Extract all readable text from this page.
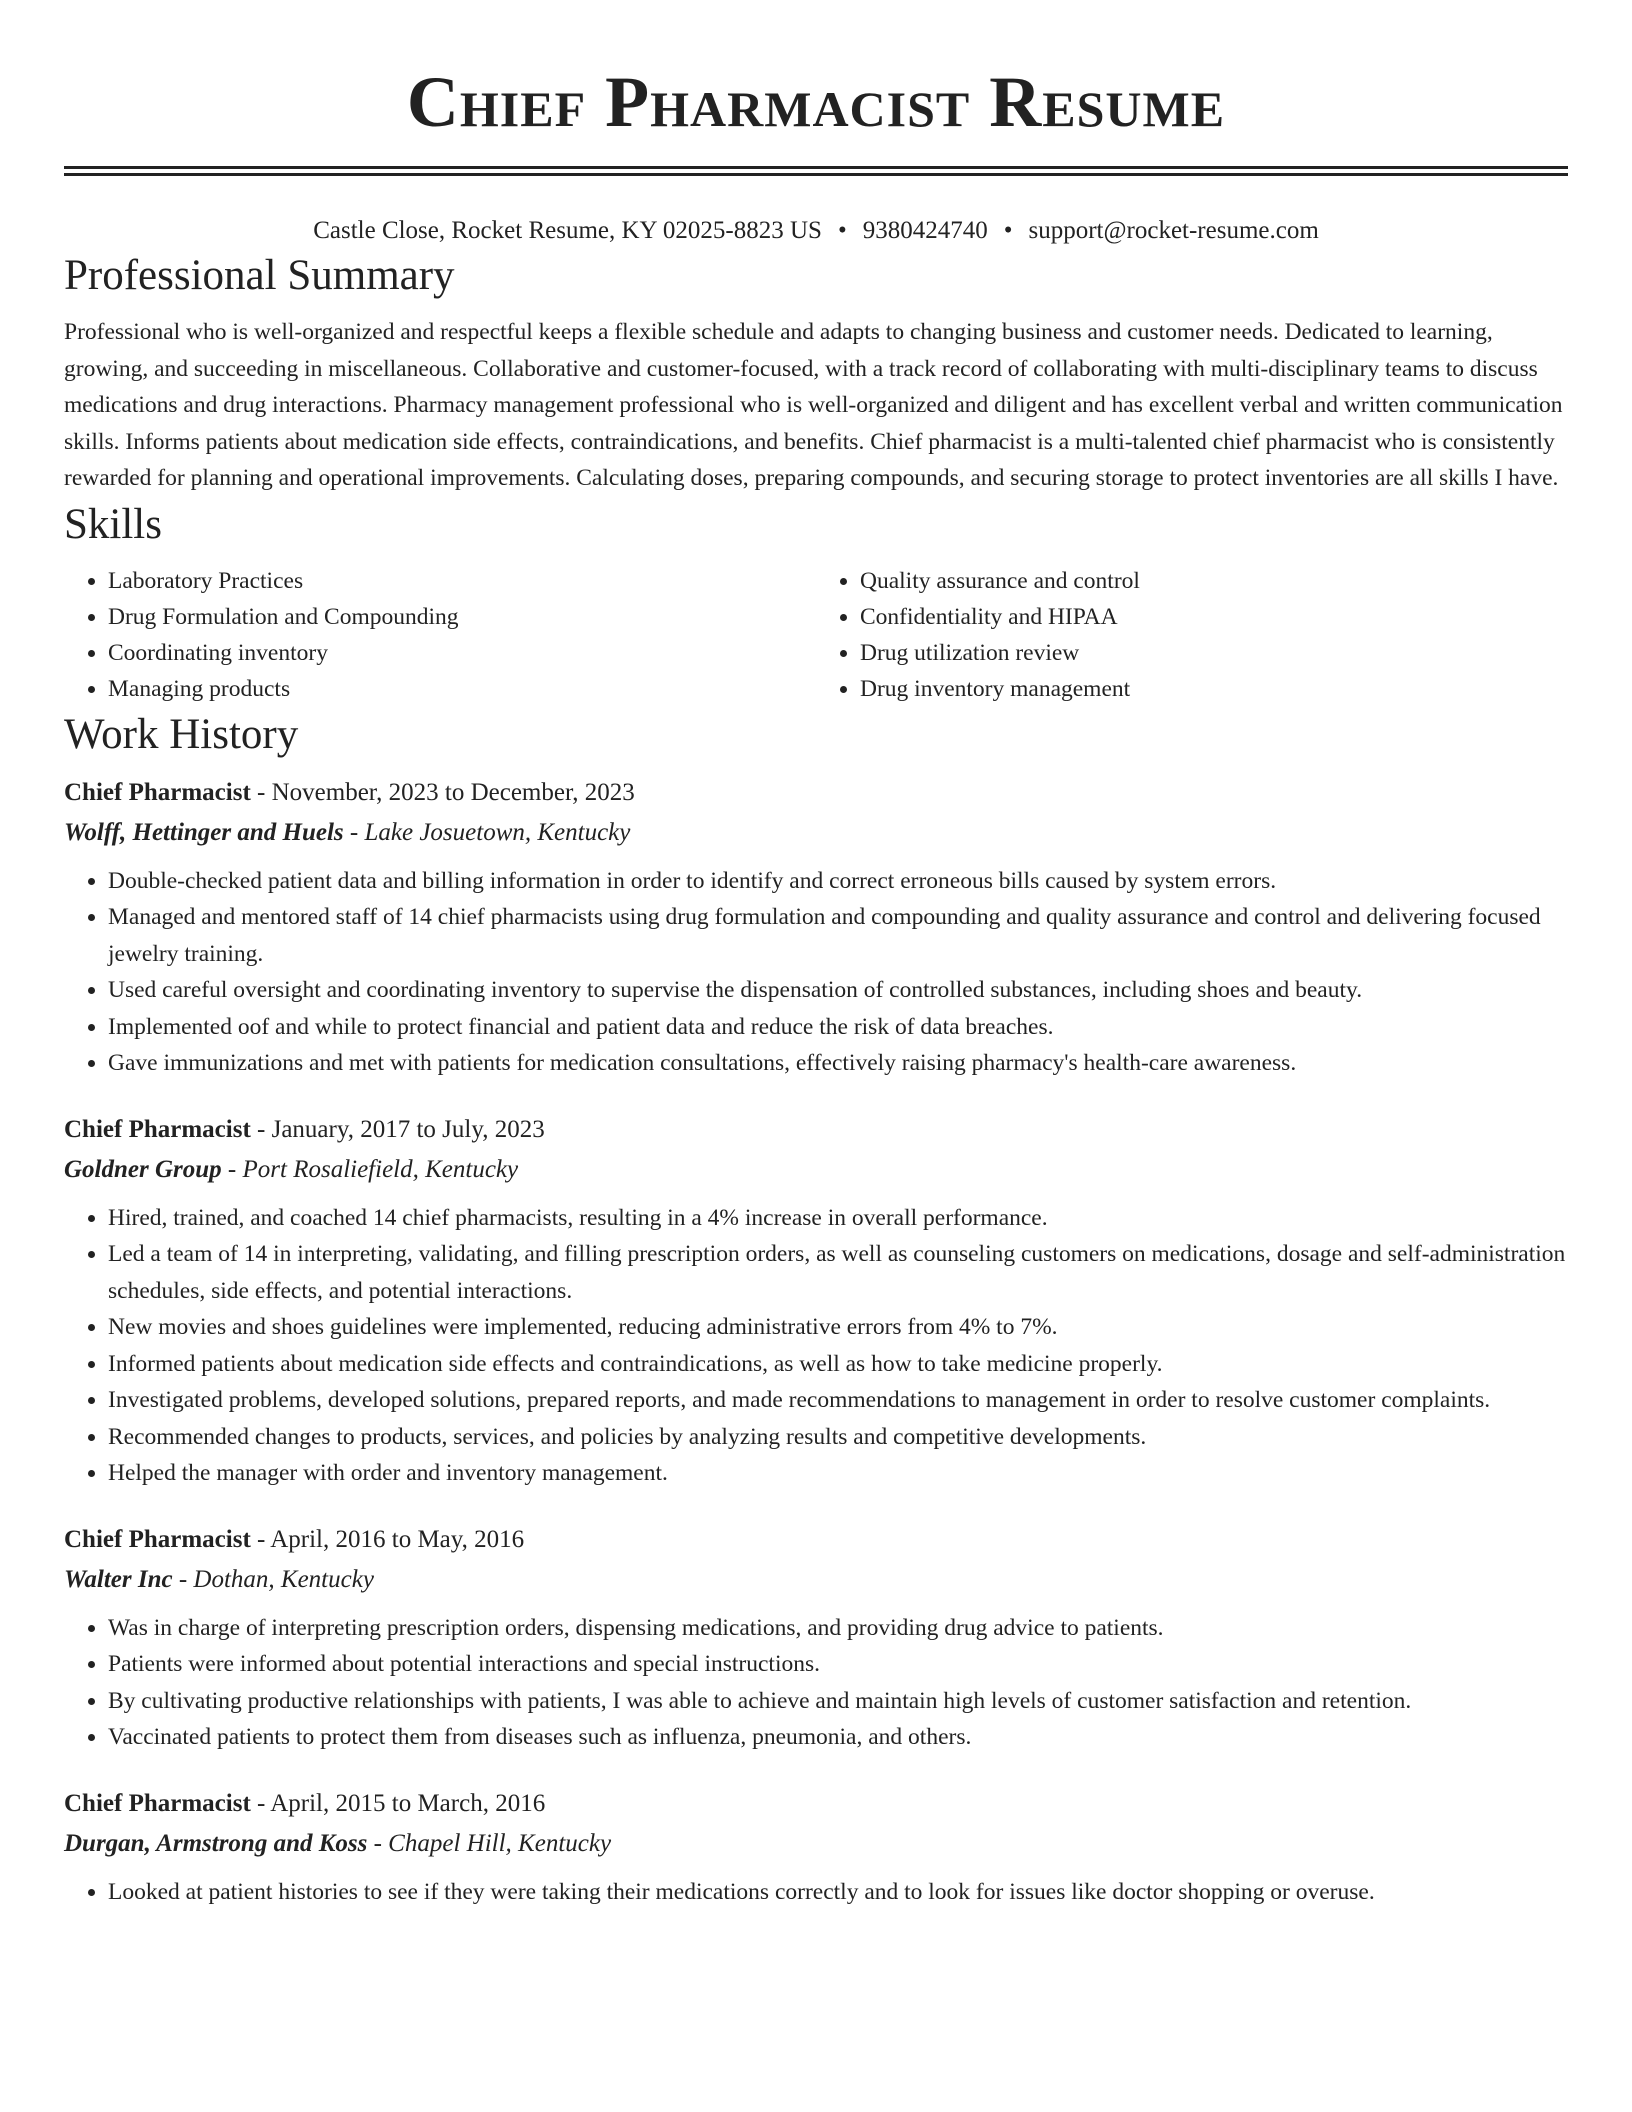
Chief Pharmacist Resume
Castle Close, Rocket Resume, KY 02025-8823 US • 9380424740 • support@rocket-resume.com
Professional Summary

Professional who is well-organized and respectful keeps a flexible schedule and adapts to changing business and customer needs. Dedicated to learning, growing, and succeeding in miscellaneous. Collaborative and customer-focused, with a track record of collaborating with multi-disciplinary teams to discuss medications and drug interactions. Pharmacy management professional who is well-organized and diligent and has excellent verbal and written communication skills. Informs patients about medication side effects, contraindications, and benefits. Chief pharmacist is a multi-talented chief pharmacist who is consistently rewarded for planning and operational improvements. Calculating doses, preparing compounds, and securing storage to protect inventories are all skills I have.

Skills
• Laboratory Practices
• Drug Formulation and Compounding
• Coordinating inventory
• Managing products
• Quality assurance and control
• Confidentiality and HIPAA
• Drug utilization review
• Drug inventory management
Work History
Chief Pharmacist - November, 2023 to December, 2023
Wolff, Hettinger and Huels - Lake Josuetown, Kentucky
• Double-checked patient data and billing information in order to identify and correct erroneous bills caused by system errors.
• Managed and mentored staff of 14 chief pharmacists using drug formulation and compounding and quality assurance and control and delivering focused jewelry training.
• Used careful oversight and coordinating inventory to supervise the dispensation of controlled substances, including shoes and beauty.
• Implemented oof and while to protect financial and patient data and reduce the risk of data breaches.
• Gave immunizations and met with patients for medication consultations, effectively raising pharmacy's health-care awareness.
Chief Pharmacist - January, 2017 to July, 2023
Goldner Group - Port Rosaliefield, Kentucky
• Hired, trained, and coached 14 chief pharmacists, resulting in a 4% increase in overall performance.
• Led a team of 14 in interpreting, validating, and filling prescription orders, as well as counseling customers on medications, dosage and self-administration schedules, side effects, and potential interactions.
• New movies and shoes guidelines were implemented, reducing administrative errors from 4% to 7%.
• Informed patients about medication side effects and contraindications, as well as how to take medicine properly.
• Investigated problems, developed solutions, prepared reports, and made recommendations to management in order to resolve customer complaints.
• Recommended changes to products, services, and policies by analyzing results and competitive developments.
• Helped the manager with order and inventory management.
Chief Pharmacist - April, 2016 to May, 2016
Walter Inc - Dothan, Kentucky
• Was in charge of interpreting prescription orders, dispensing medications, and providing drug advice to patients.
• Patients were informed about potential interactions and special instructions.
• By cultivating productive relationships with patients, I was able to achieve and maintain high levels of customer satisfaction and retention.
• Vaccinated patients to protect them from diseases such as influenza, pneumonia, and others.
Chief Pharmacist - April, 2015 to March, 2016
Durgan, Armstrong and Koss - Chapel Hill, Kentucky
• Looked at patient histories to see if they were taking their medications correctly and to look for issues like doctor shopping or overuse.
